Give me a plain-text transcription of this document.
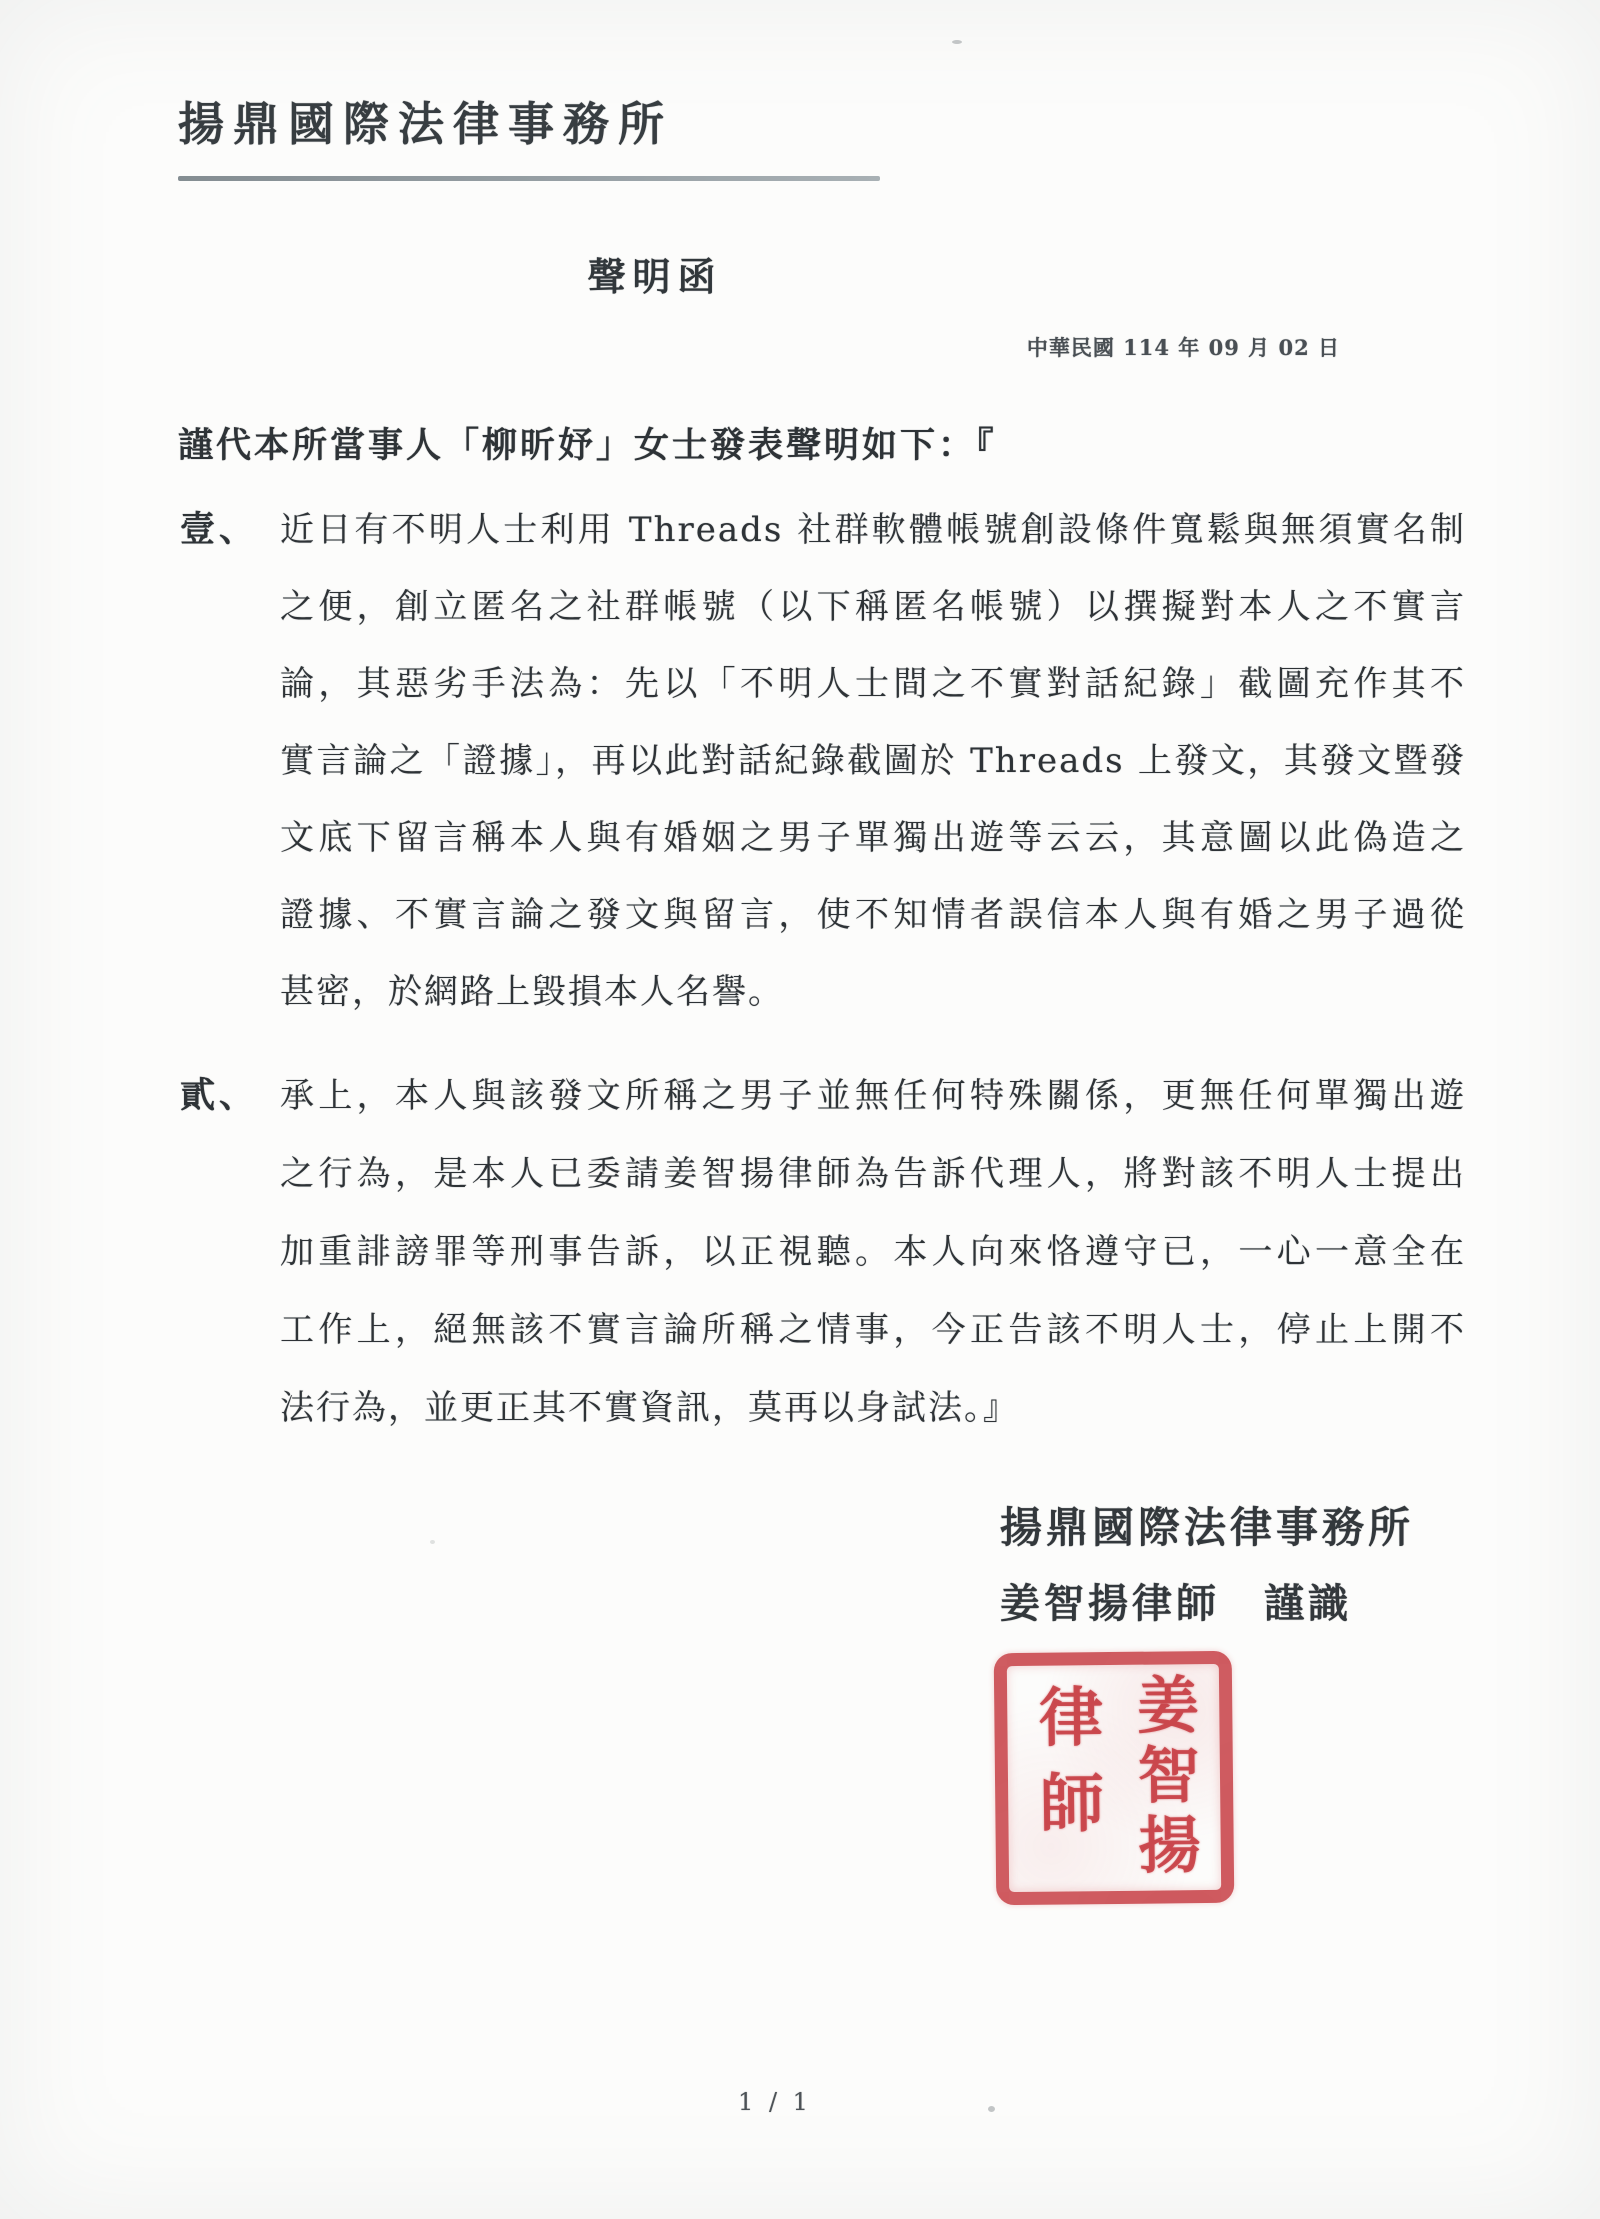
揚鼎國際法律事務所
聲明函
中華民國 114 年 09 月 02 日
謹代本所當事人「柳昕妤」女士發表聲明如下：『
壹、 近日有不明人士利用 Threads 社群軟體帳號創設條件寬鬆與無須實名制
之便，創立匿名之社群帳號（以下稱匿名帳號）以撰擬對本人之不實言
論，其惡劣手法為：先以「不明人士間之不實對話紀錄」截圖充作其不
實言論之「證據」，再以此對話紀錄截圖於 Threads 上發文，其發文暨發
文底下留言稱本人與有婚姻之男子單獨出遊等云云，其意圖以此偽造之
證據、不實言論之發文與留言，使不知情者誤信本人與有婚之男子過從
甚密，於網路上毀損本人名譽。
貳、 承上，本人與該發文所稱之男子並無任何特殊關係，更無任何單獨出遊
之行為，是本人已委請姜智揚律師為告訴代理人，將對該不明人士提出
加重誹謗罪等刑事告訴，以正視聽。本人向來恪遵守已，一心一意全在
工作上，絕無該不實言論所稱之情事，今正告該不明人士，停止上開不
法行為，並更正其不實資訊，莫再以身試法。』
揚鼎國際法律事務所
姜智揚律師　謹識
律師 姜智揚
1 / 1
